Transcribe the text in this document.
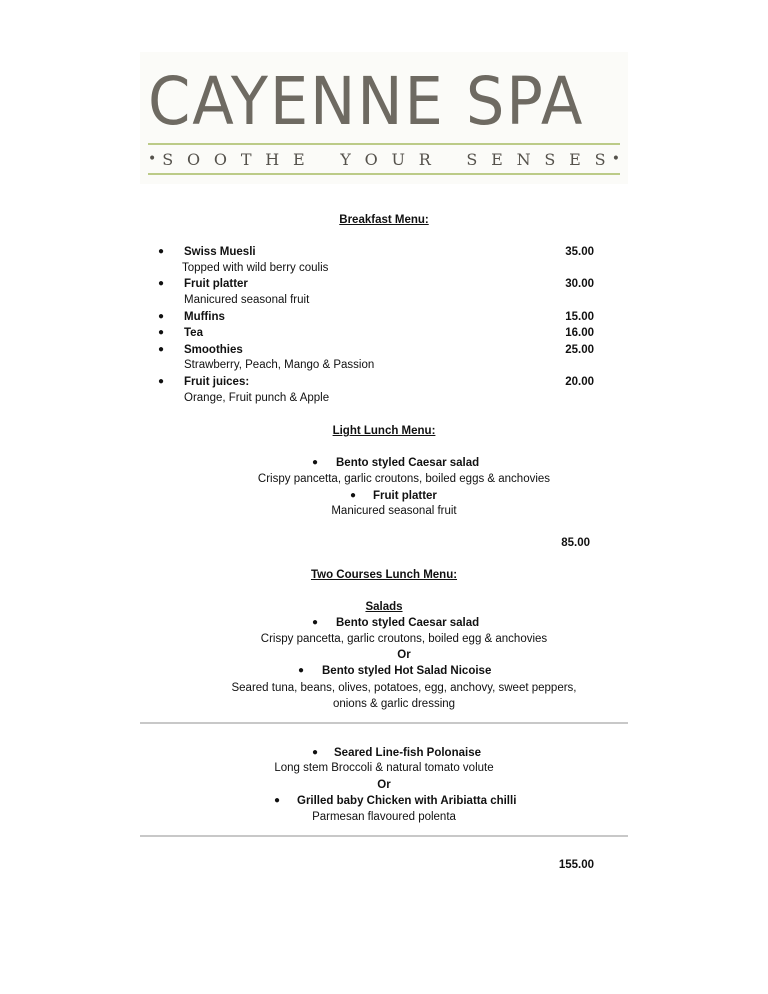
CAYENNE SPA
• S O O T H E Y O U R S E N S E S •
Breakfast Menu:
● Swiss Muesli	35.00
Topped with wild berry coulis
● Fruit platter	30.00
Manicured seasonal fruit
● Muffins	15.00
● Tea	16.00
● Smoothies	25.00
Strawberry, Peach, Mango & Passion
● Fruit juices:	20.00
Orange, Fruit punch & Apple
Light Lunch Menu:
● Bento styled Caesar salad
Crispy pancetta, garlic croutons, boiled eggs & anchovies
● Fruit platter
Manicured seasonal fruit
85.00
Two Courses Lunch Menu:
Salads
● Bento styled Caesar salad
Crispy pancetta, garlic croutons, boiled egg & anchovies
Or
● Bento styled Hot Salad Nicoise
Seared tuna, beans, olives, potatoes, egg, anchovy, sweet peppers,
onions & garlic dressing
● Seared Line-fish Polonaise
Long stem Broccoli & natural tomato volute
Or
● Grilled baby Chicken with Aribiatta chilli
Parmesan flavoured polenta
155.00
